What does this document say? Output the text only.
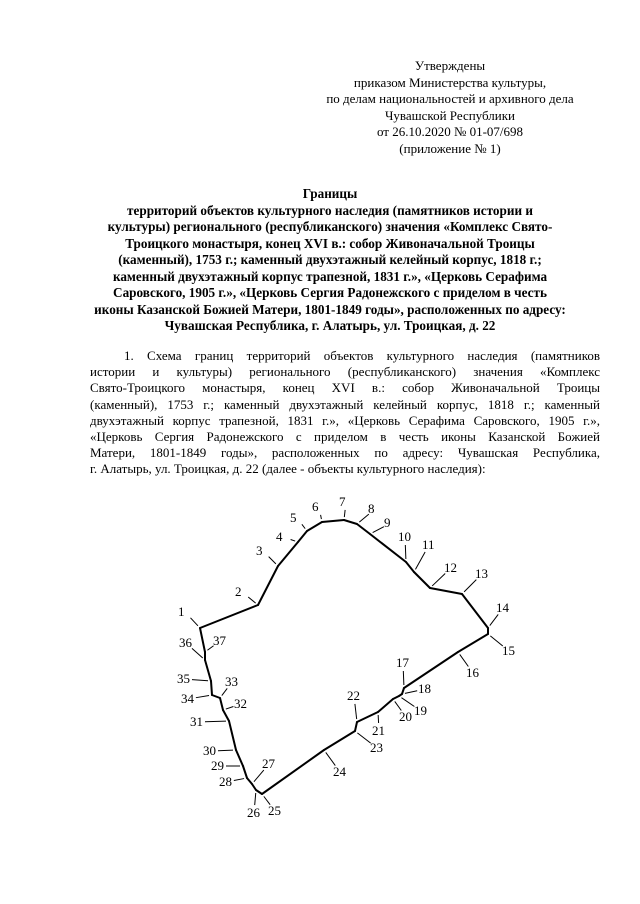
Утверждены
приказом Министерства культуры,
по делам национальностей и архивного дела
Чувашской Республики
от 26.10.2020 № 01-07/698
(приложение № 1)
Границы
территорий объектов культурного наследия (памятников истории и
культуры) регионального (республиканского) значения «Комплекс Свято-
Троицкого монастыря, конец XVI в.: собор Живоначальной Троицы
(каменный), 1753 г.; каменный двухэтажный келейный корпус, 1818 г.;
каменный двухэтажный корпус трапезной, 1831 г.», «Церковь Серафима
Саровского, 1905 г.», «Церковь Сергия Радонежского с приделом в честь
иконы Казанской Божией Матери, 1801-1849 годы», расположенных по адресу:
Чувашская Республика, г. Алатырь, ул. Троицкая, д. 22
1. Схема границ территорий объектов культурного наследия (памятников
истории и культуры) регионального (республиканского) значения «Комплекс
Свято-Троицкого монастыря, конец XVI в.: собор Живоначальной Троицы
(каменный), 1753 г.; каменный двухэтажный келейный корпус, 1818 г.; каменный
двухэтажный корпус трапезной, 1831 г.», «Церковь Серафима Саровского, 1905 г.»,
«Церковь Сергия Радонежского с приделом в честь иконы Казанской Божией
Матери, 1801-1849 годы», расположенных по адресу: Чувашская Республика,
г. Алатырь, ул. Троицкая, д. 22 (далее - объекты культурного наследия):
1
2
3
4
5
6 7 8
9
10
11
12 13
14
15
16
17
18
19
20
21
22
23
24
25
26
27
28
29
30
31
32
33
34
35
36 37
